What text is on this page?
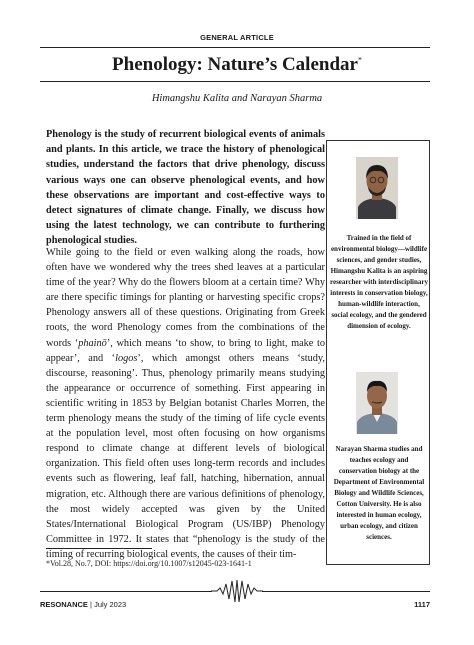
GENERAL ARTICLE
Phenology: Nature’s Calendar*
Himangshu Kalita and Narayan Sharma
Phenology is the study of recurrent biological events of animals and plants. In this article, we trace the history of phenological studies, understand the factors that drive phenology, discuss various ways one can observe phenological events, and how these observations are important and cost-effective ways to detect signatures of climate change. Finally, we discuss how using the latest technology, we can contribute to furthering phenological studies.
While going to the field or even walking along the roads, how often have we wondered why the trees shed leaves at a particular time of the year? Why do the flowers bloom at a certain time? Why are there specific timings for planting or harvesting specific crops? Phenology answers all of these questions. Originating from Greek roots, the word Phenology comes from the combinations of the words ‘phainō’, which means ‘to show, to bring to light, make to appear’, and ‘logos’, which amongst others means ‘study, discourse, reasoning’. Thus, phenology primarily means studying the appearance or occurrence of something. First appearing in scientific writing in 1853 by Belgian botanist Charles Morren, the term phenology means the study of the timing of life cycle events at the population level, most often focusing on how organisms respond to climate change at different levels of biological organization. This field often uses long-term records and includes events such as flowering, leaf fall, hatching, hibernation, annual migration, etc. Although there are various definitions of phenology, the most widely accepted was given by the United States/International Biological Program (US/IBP) Phenology Committee in 1972. It states that “phenology is the study of the timing of recurring biological events, the causes of their tim-
*Vol.28, No.7, DOI: https://doi.org/10.1007/s12045-023-1641-1
Trained in the field of environmental biology—wildlife sciences, and gender studies, Himangshu Kalita is an aspiring researcher with interdisciplinary interests in conservation biology, human-wildlife interaction, social ecology, and the gendered dimension of ecology.
Narayan Sharma studies and teaches ecology and conservation biology at the Department of Environmental Biology and Wildlife Sciences, Cotton University. He is also interested in human ecology, urban ecology, and citizen sciences.
RESONANCE | July 2023	1117
